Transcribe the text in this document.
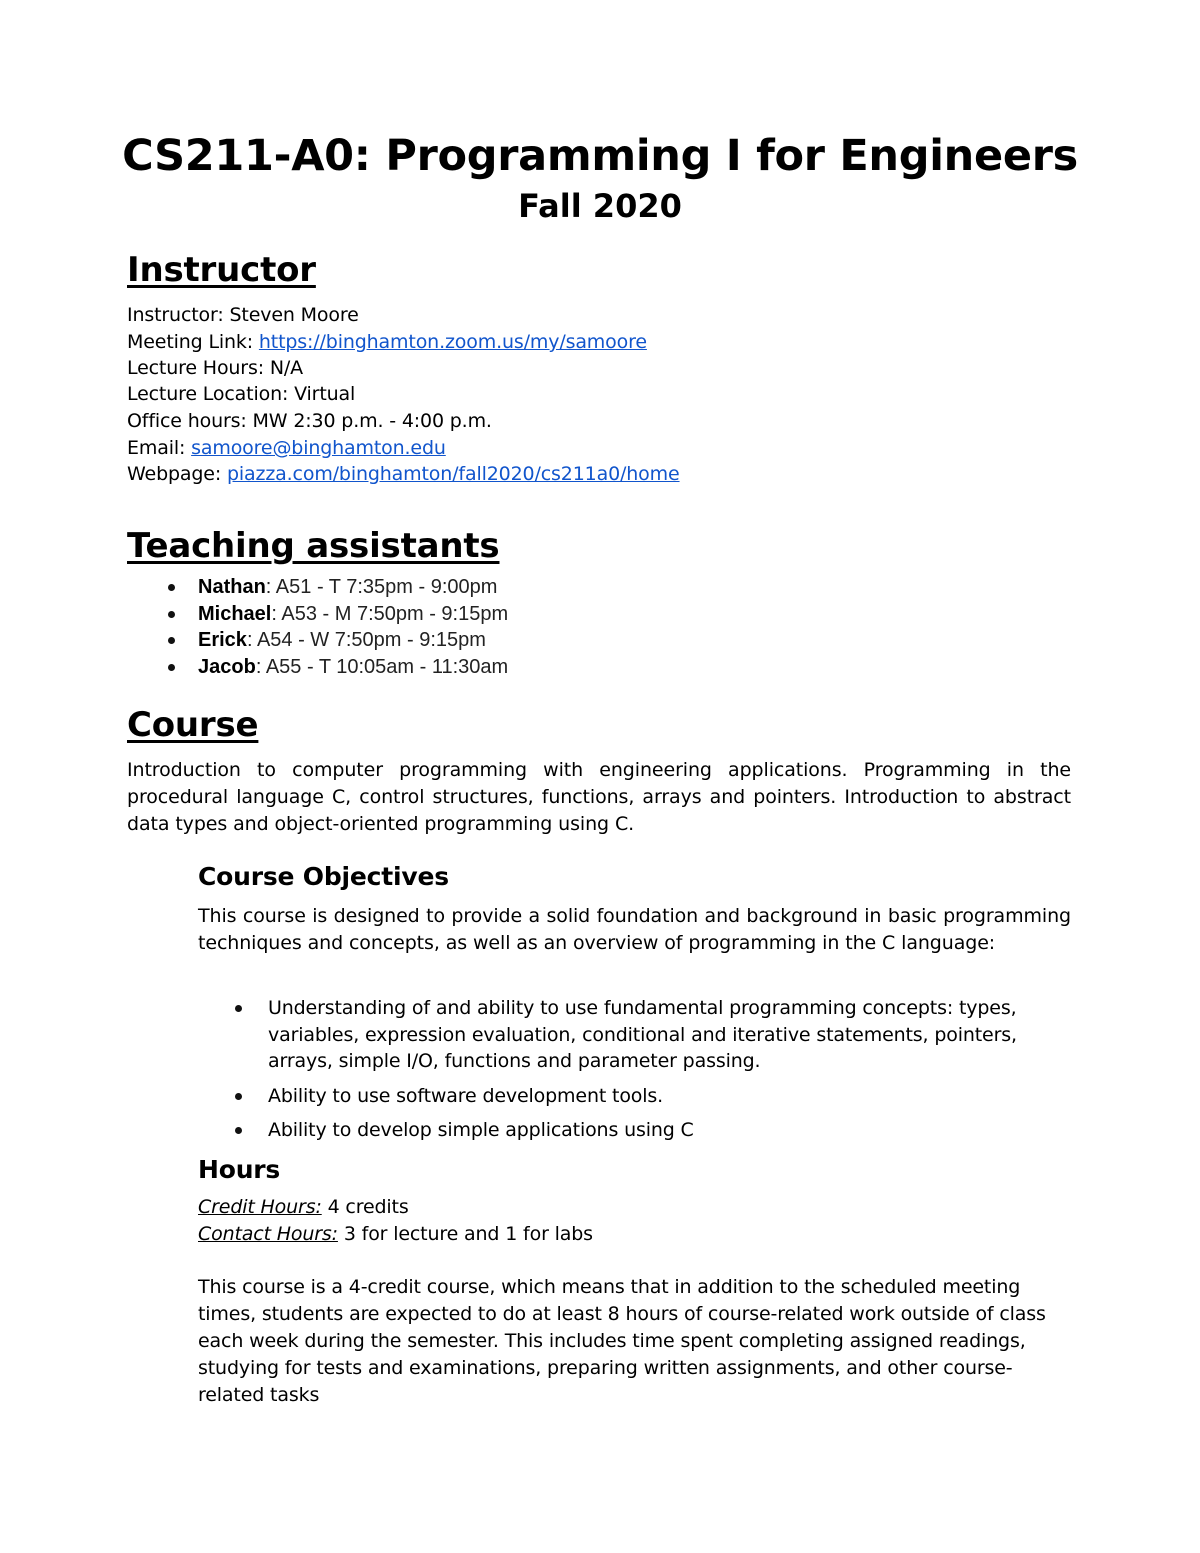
CS211-A0: Programming I for Engineers
Fall 2020
Instructor
Instructor: Steven Moore
Meeting Link: https://binghamton.zoom.us/my/samoore
Lecture Hours: N/A
Lecture Location: Virtual
Office hours: MW 2:30 p.m. - 4:00 p.m.
Email: samoore@binghamton.edu
Webpage: piazza.com/binghamton/fall2020/cs211a0/home
Teaching assistants
Nathan: A51 - T 7:35pm - 9:00pm
Michael: A53 - M 7:50pm - 9:15pm
Erick: A54 - W 7:50pm - 9:15pm
Jacob: A55 - T 10:05am - 11:30am
Course
Introduction to computer programming with engineering applications. Programming in the procedural language C, control structures, functions, arrays and pointers. Introduction to abstract data types and object-oriented programming using C.
Course Objectives
This course is designed to provide a solid foundation and background in basic programming techniques and concepts, as well as an overview of programming in the C language:
Understanding of and ability to use fundamental programming concepts: types, variables, expression evaluation, conditional and iterative statements, pointers, arrays, simple I/O, functions and parameter passing.
Ability to use software development tools.
Ability to develop simple applications using C
Hours
Credit Hours: 4 credits
Contact Hours: 3 for lecture and 1 for labs
This course is a 4-credit course, which means that in addition to the scheduled meeting times, students are expected to do at least 8 hours of course-related work outside of class each week during the semester. This includes time spent completing assigned readings, studying for tests and examinations, preparing written assignments, and other course-related tasks
